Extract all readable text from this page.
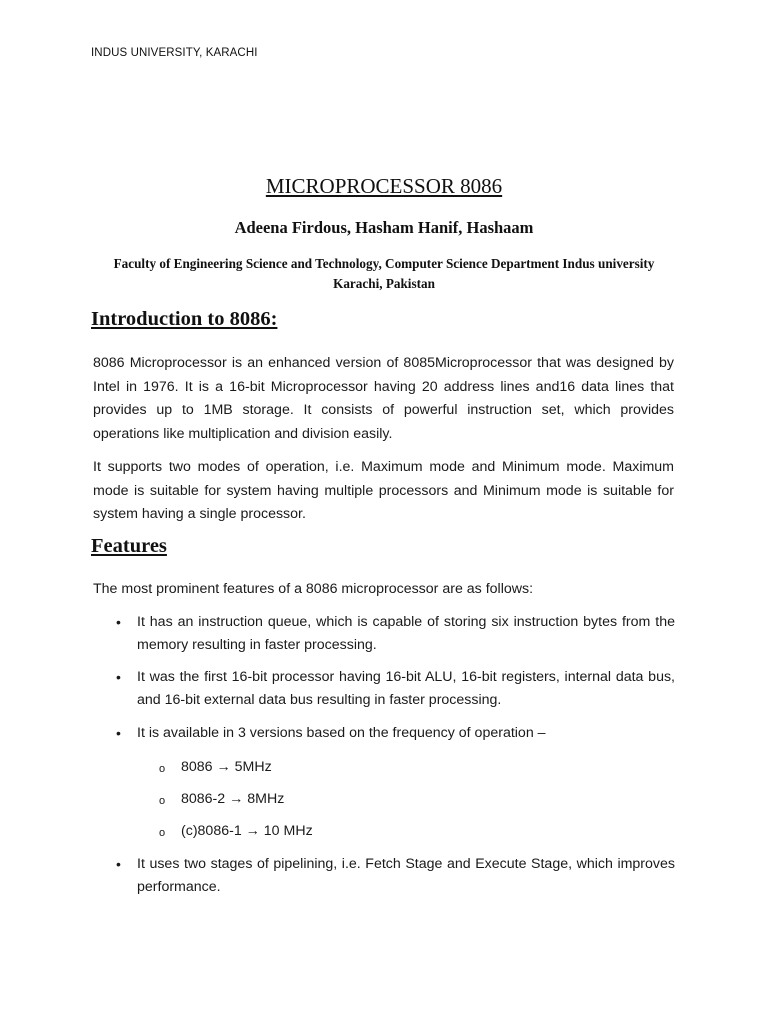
INDUS UNIVERSITY, KARACHI
MICROPROCESSOR 8086
Adeena Firdous, Hasham Hanif, Hashaam
Faculty of Engineering Science and Technology, Computer Science Department Indus university Karachi, Pakistan
Introduction to 8086:
8086 Microprocessor is an enhanced version of 8085Microprocessor that was designed by Intel in 1976. It is a 16-bit Microprocessor having 20 address lines and16 data lines that provides up to 1MB storage. It consists of powerful instruction set, which provides operations like multiplication and division easily.
It supports two modes of operation, i.e. Maximum mode and Minimum mode. Maximum mode is suitable for system having multiple processors and Minimum mode is suitable for system having a single processor.
Features
The most prominent features of a 8086 microprocessor are as follows:
• It has an instruction queue, which is capable of storing six instruction bytes from the memory resulting in faster processing.
• It was the first 16-bit processor having 16-bit ALU, 16-bit registers, internal data bus, and 16-bit external data bus resulting in faster processing.
• It is available in 3 versions based on the frequency of operation –
o 8086 → 5MHz
o 8086-2 → 8MHz
o (c)8086-1 → 10 MHz
• It uses two stages of pipelining, i.e. Fetch Stage and Execute Stage, which improves performance.
